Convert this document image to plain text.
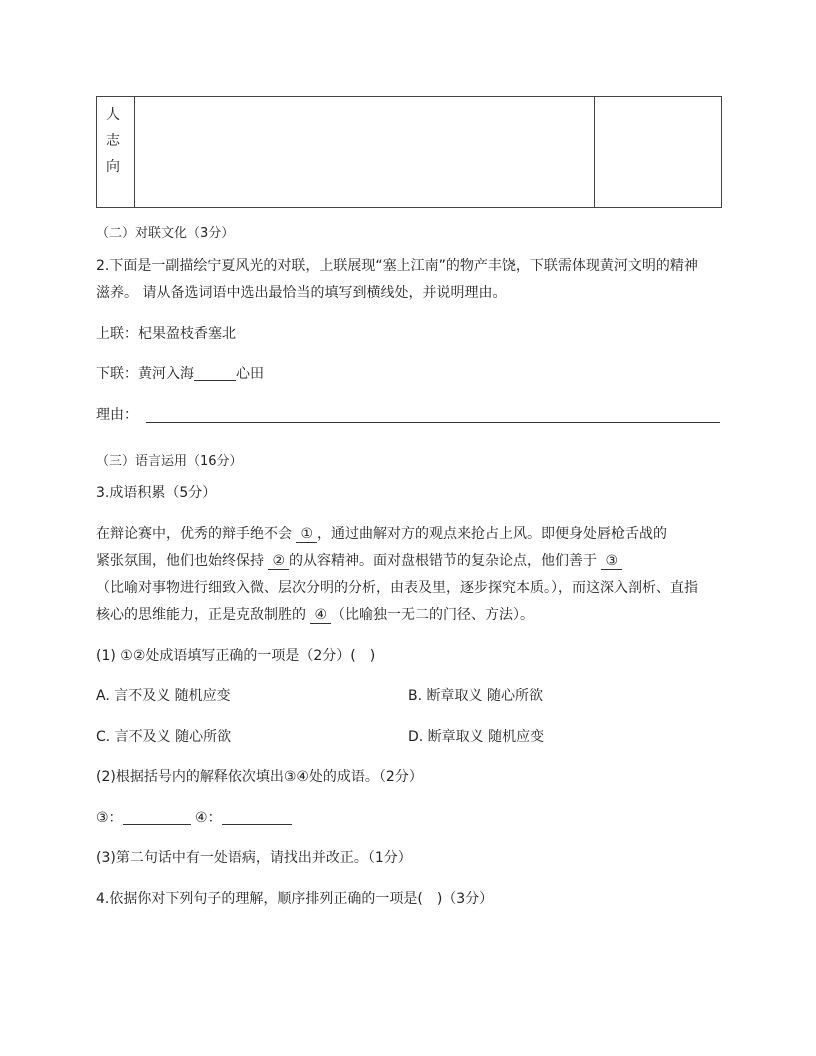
人
志
向
（二）对联文化（3分）
2.下面是一副描绘宁夏风光的对联，上联展现“塞上江南”的物产丰饶，下联需体现黄河文明的精神
滋养。 请从备选词语中选出最恰当的填写到横线处，并说明理由。
上联：杞果盈枝香塞北
下联：黄河入海	心田
理由：
（三）语言运用（16分）
3.成语积累（5分）
在辩论赛中，优秀的辩手绝不会 ① ，通过曲解对方的观点来抢占上风。即便身处唇枪舌战的
紧张氛围，他们也始终保持 ② 的从容精神。面对盘根错节的复杂论点，他们善于 ③
（比喻对事物进行细致入微、层次分明的分析，由表及里，逐步探究本质。），而这深入剖析、直指
核心的思维能力，正是克敌制胜的 ④ （比喻独一无二的门径、方法）。
(1) ①②处成语填写正确的一项是（2分）(　)
A. 言不及义 随机应变	B. 断章取义 随心所欲
C. 言不及义 随心所欲	D. 断章取义 随机应变
(2)根据括号内的解释依次填出③④处的成语。（2分）
③：	④：
(3)第二句话中有一处语病，请找出并改正。（1分）
4.依据你对下列句子的理解，顺序排列正确的一项是(　)（3分）
